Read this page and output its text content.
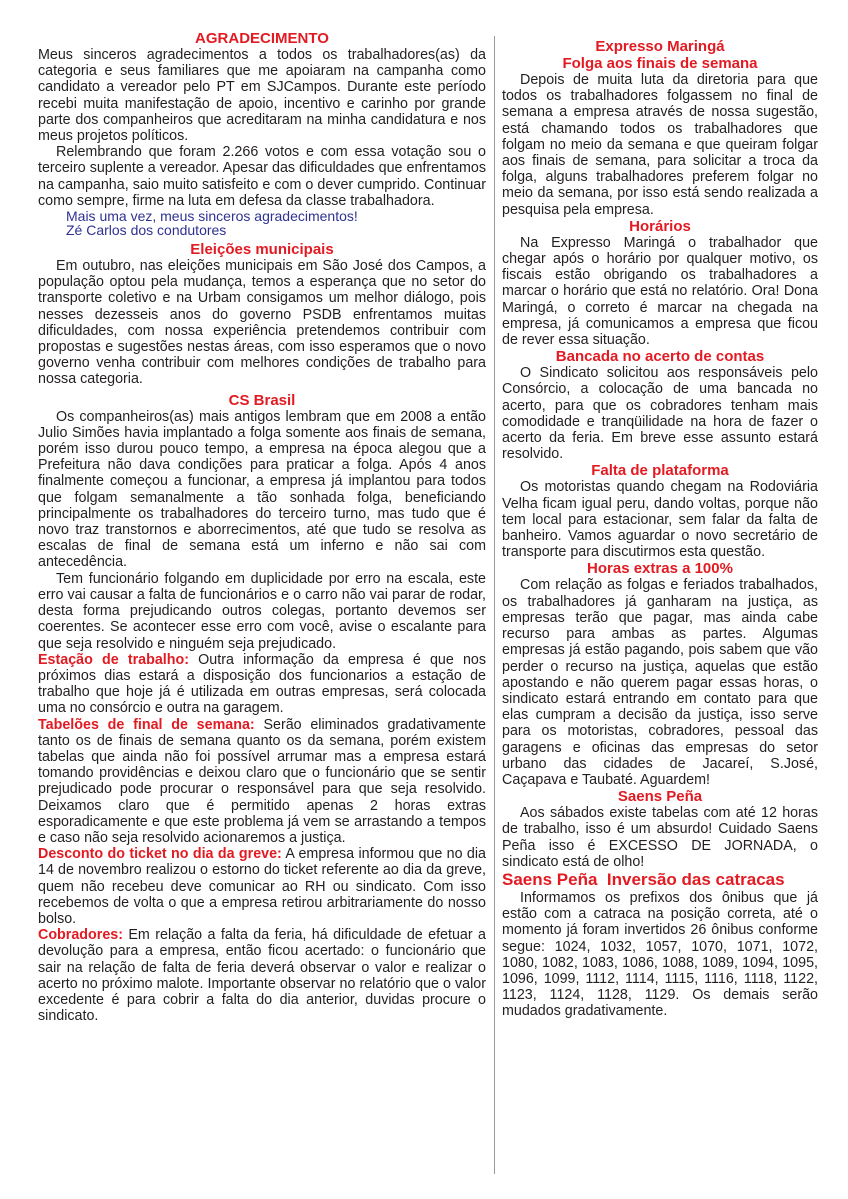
AGRADECIMENTO

Meus sinceros agradecimentos a todos os trabalhadores(as) da categoria e seus familiares que me apoiaram na campanha como candidato a vereador pelo PT em SJCampos. Durante este período recebi muita manifestação de apoio, incentivo e carinho por grande parte dos companheiros que acreditaram na minha candidatura e nos meus projetos políticos.

Relembrando que foram 2.266 votos e com essa votação sou o terceiro suplente a vereador. Apesar das dificuldades que enfrentamos na campanha, saio muito satisfeito e com o dever cumprido. Continuar como sempre, firme na luta em defesa da classe trabalhadora.

Mais uma vez, meus sinceros agradecimentos!
Zé Carlos dos condutores
Eleições municipais

Em outubro, nas eleições municipais em São José dos Campos, a população optou pela mudança, temos a esperança que no setor do transporte coletivo e na Urbam consigamos um melhor diálogo, pois nesses dezesseis anos do governo PSDB enfrentamos muitas dificuldades, com nossa experiência pretendemos contribuir com propostas e sugestões nestas áreas, com isso esperamos que o novo governo venha contribuir com melhores condições de trabalho para nossa categoria.

CS Brasil

Os companheiros(as) mais antigos lembram que em 2008 a então Julio Simões havia implantado a folga somente aos finais de semana, porém isso durou pouco tempo, a empresa na época alegou que a Prefeitura não dava condições para praticar a folga. Após 4 anos finalmente começou a funcionar, a empresa já implantou para todos que folgam semanalmente a tão sonhada folga, beneficiando principalmente os trabalhadores do terceiro turno, mas tudo que é novo traz transtornos e aborrecimentos, até que tudo se resolva as escalas de final de semana está um inferno e não sai com antecedência.

Tem funcionário folgando em duplicidade por erro na escala, este erro vai causar a falta de funcionários e o carro não vai parar de rodar, desta forma prejudicando outros colegas, portanto devemos ser coerentes. Se acontecer esse erro com você, avise o escalante para que seja resolvido e ninguém seja prejudicado.

Estação de trabalho: Outra informação da empresa é que nos próximos dias estará a disposição dos funcionarios a estação de trabalho que hoje já é utilizada em outras empresas, será colocada uma no consórcio e outra na garagem.

Tabelões de final de semana: Serão eliminados gradativamente tanto os de finais de semana quanto os da semana, porém existem tabelas que ainda não foi possível arrumar mas a empresa estará tomando providências e deixou claro que o funcionário que se sentir prejudicado pode procurar o responsável para que seja resolvido. Deixamos claro que é permitido apenas 2 horas extras esporadicamente e que este problema já vem se arrastando a tempos e caso não seja resolvido acionaremos a justiça.

Desconto do ticket no dia da greve: A empresa informou que no dia 14 de novembro realizou o estorno do ticket referente ao dia da greve, quem não recebeu deve comunicar ao RH ou sindicato. Com isso recebemos de volta o que a empresa retirou arbitrariamente do nosso bolso.

Cobradores: Em relação a falta da feria, há dificuldade de efetuar a devolução para a empresa, então ficou acertado: o funcionário que sair na relação de falta de feria deverá observar o valor e realizar o acerto no próximo malote. Importante observar no relatório que o valor excedente é para cobrir a falta do dia anterior, duvidas procure o sindicato.

Expresso Maringá
Folga aos finais de semana

Depois de muita luta da diretoria para que todos os trabalhadores folgassem no final de semana a empresa através de nossa sugestão, está chamando todos os trabalhadores que folgam no meio da semana e que queiram folgar aos finais de semana, para solicitar a troca da folga, alguns trabalhadores preferem folgar no meio da semana, por isso está sendo realizada a pesquisa pela empresa.

Horários

Na Expresso Maringá o trabalhador que chegar após o horário por qualquer motivo, os fiscais estão obrigando os trabalhadores a marcar o horário que está no relatório. Ora! Dona Maringá, o correto é marcar na chegada na empresa, já comunicamos a empresa que ficou de rever essa situação.

Bancada no acerto de contas

O Sindicato solicitou aos responsáveis pelo Consórcio, a colocação de uma bancada no acerto, para que os cobradores tenham mais comodidade e tranqüilidade na hora de fazer o acerto da feria. Em breve esse assunto estará resolvido.

Falta de plataforma

Os motoristas quando chegam na Rodoviária Velha ficam igual peru, dando voltas, porque não tem local para estacionar, sem falar da falta de banheiro. Vamos aguardar o novo secretário de transporte para discutirmos esta questão.

Horas extras a 100%

Com relação as folgas e feriados trabalhados, os trabalhadores já ganharam na justiça, as empresas terão que pagar, mas ainda cabe recurso para ambas as partes. Algumas empresas já estão pagando, pois sabem que vão perder o recurso na justiça, aquelas que estão apostando e não querem pagar essas horas, o sindicato estará entrando em contato para que elas cumpram a decisão da justiça, isso serve para os motoristas, cobradores, pessoal das garagens e oficinas das empresas do setor urbano das cidades de Jacareí, S.José, Caçapava e Taubaté. Aguardem!

Saens Peña

Aos sábados existe tabelas com até 12 horas de trabalho, isso é um absurdo! Cuidado Saens Peña isso é EXCESSO DE JORNADA, o sindicato está de olho!

Saens Peña  Inversão das catracas

Informamos os prefixos dos ônibus que já estão com a catraca na posição correta, até o momento já foram invertidos 26 ônibus conforme segue: 1024, 1032, 1057, 1070, 1071, 1072, 1080, 1082, 1083, 1086, 1088, 1089, 1094, 1095, 1096, 1099, 1112, 1114, 1115, 1116, 1118, 1122, 1123, 1124, 1128, 1129. Os demais serão mudados gradativamente.
